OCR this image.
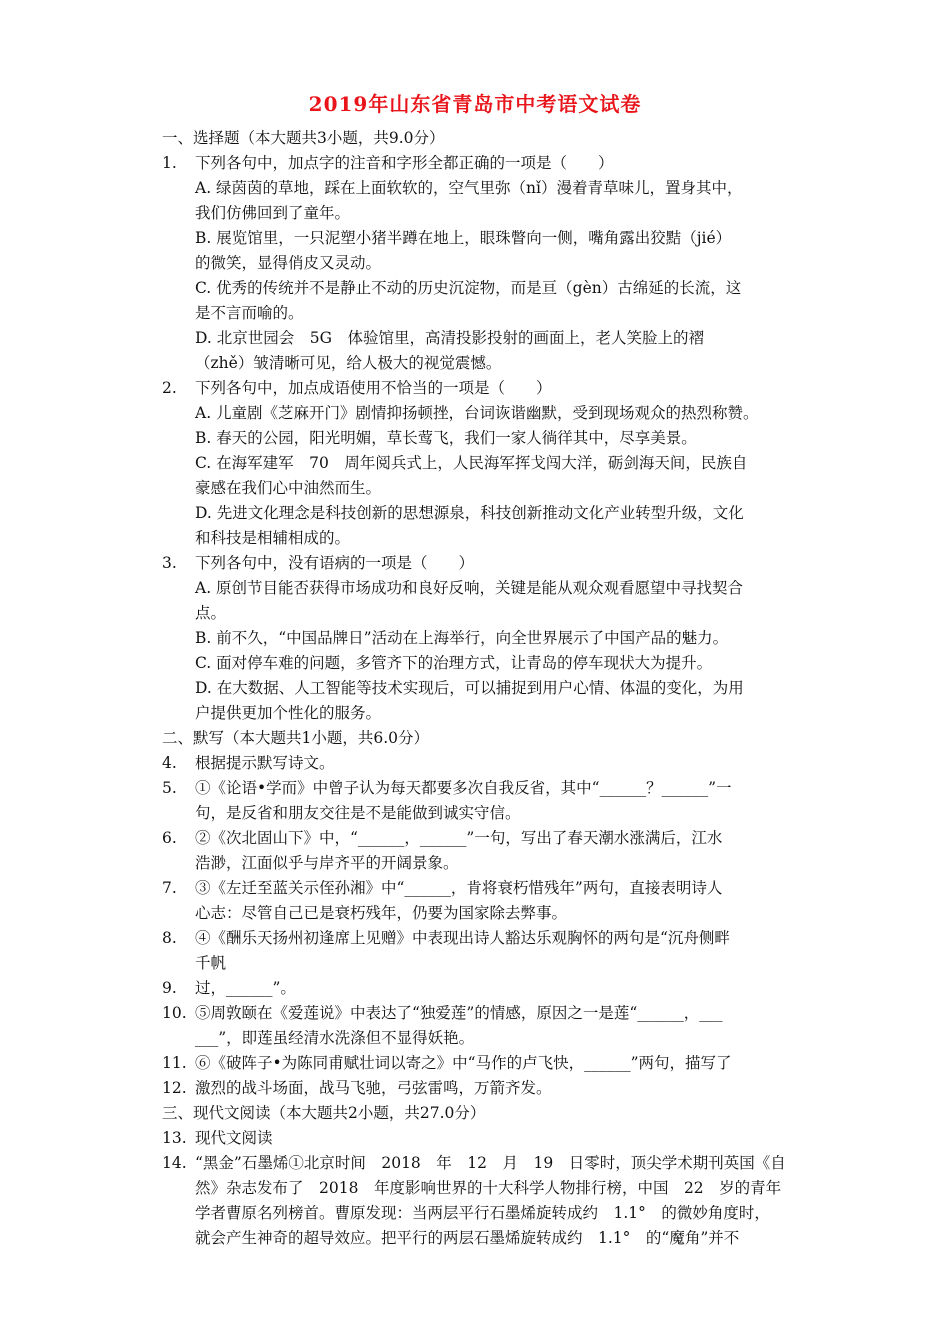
2019年山东省青岛市中考语文试卷
一、选择题（本大题共3小题，共9.0分）
1. 下列各句中，加点字的注音和字形全都正确的一项是（　　）
A. 绿茵茵的草地，踩在上面软软的，空气里弥（nǐ）漫着青草味儿，置身其中，
我们仿佛回到了童年。
B. 展览馆里，一只泥塑小猪半蹲在地上，眼珠瞥向一侧，嘴角露出狡黠（jié）
的微笑，显得俏皮又灵动。
C. 优秀的传统并不是静止不动的历史沉淀物，而是亘（gèn）古绵延的长流，这
是不言而喻的。
D. 北京世园会　5G　体验馆里，高清投影投射的画面上，老人笑脸上的褶
（zhě）皱清晰可见，给人极大的视觉震憾。
2. 下列各句中，加点成语使用不恰当的一项是（　　）
A. 儿童剧《芝麻开门》剧情抑扬顿挫，台词诙谐幽默，受到现场观众的热烈称赞。
B. 春天的公园，阳光明媚，草长莺飞，我们一家人徜徉其中，尽享美景。
C. 在海军建军　70　周年阅兵式上，人民海军挥戈闯大洋，砺剑海天间，民族自
豪感在我们心中油然而生。
D. 先进文化理念是科技创新的思想源泉，科技创新推动文化产业转型升级，文化
和科技是相辅相成的。
3. 下列各句中，没有语病的一项是（　　）
A. 原创节目能否获得市场成功和良好反响，关键是能从观众观看愿望中寻找契合
点。
B. 前不久，“中国品牌日”活动在上海举行，向全世界展示了中国产品的魅力。
C. 面对停车难的问题，多管齐下的治理方式，让青岛的停车现状大为提升。
D. 在大数据、人工智能等技术实现后，可以捕捉到用户心情、体温的变化，为用
户提供更加个性化的服务。
二、默写（本大题共1小题，共6.0分）
4. 根据提示默写诗文。
5. ①《论语•学而》中曾子认为每天都要多次自我反省，其中“______？______”一
句，是反省和朋友交往是不是能做到诚实守信。
6. ②《次北固山下》中，“______，______”一句，写出了春天潮水涨满后，江水
浩渺，江面似乎与岸齐平的开阔景象。
7. ③《左迁至蓝关示侄孙湘》中“______，肯将衰朽惜残年”两句，直接表明诗人
心志：尽管自己已是衰朽残年，仍要为国家除去弊事。
8. ④《酬乐天扬州初逢席上见赠》中表现出诗人豁达乐观胸怀的两句是“沉舟侧畔
千帆
9. 过，______”。
10. ⑤周敦颐在《爱莲说》中表达了“独爱莲”的情感，原因之一是莲“______，___
___”，即莲虽经清水洗涤但不显得妖艳。
11. ⑥《破阵子•为陈同甫赋壮词以寄之》中“马作的卢飞快，______”两句，描写了
12. 激烈的战斗场面，战马飞驰，弓弦雷鸣，万箭齐发。
三、现代文阅读（本大题共2小题，共27.0分）
13. 现代文阅读
14. “黑金”石墨烯①北京时间　2018　年　12　月　19　日零时，顶尖学术期刊英国《自
然》杂志发布了　2018　年度影响世界的十大科学人物排行榜，中国　22　岁的青年
学者曹原名列榜首。曹原发现：当两层平行石墨烯旋转成约　1.1°　的微妙角度时，
就会产生神奇的超导效应。把平行的两层石墨烯旋转成约　1.1°　的“魔角”并不
